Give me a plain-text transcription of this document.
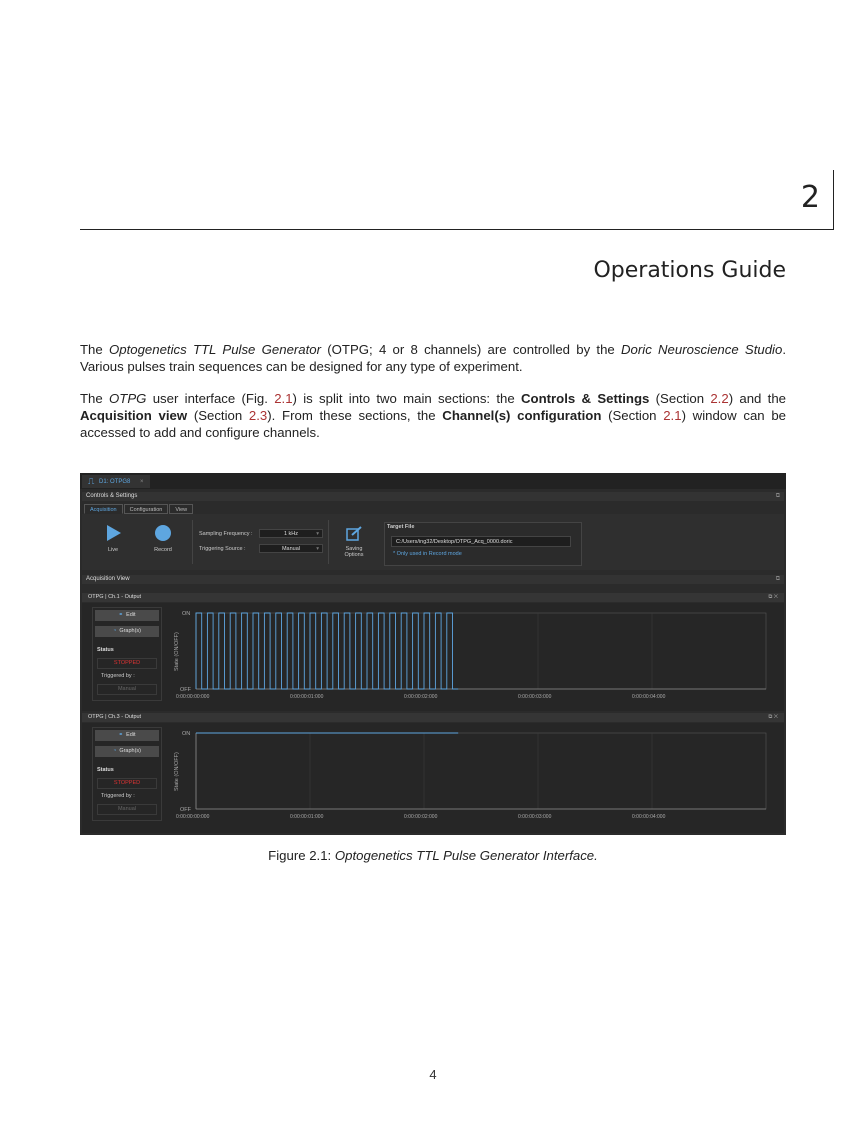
2
Operations Guide
The Optogenetics TTL Pulse Generator (OTPG; 4 or 8 channels) are controlled by the Doric Neuroscience Studio. Various pulses train sequences can be designed for any type of experiment.
The OTPG user interface (Fig. 2.1) is split into two main sections: the Controls & Settings (Section 2.2) and the Acquisition view (Section 2.3). From these sections, the Channel(s) configuration (Section 2.1) window can be accessed to add and configure channels.
⎍ D1: OTPG8 ×
Controls & Settings	⧉
Acquisition Configuration View
Live	Record
Sampling Frequency :	1 kHz	▾
Triggering Source :	Manual	▾	Saving
Options
Target File
C:/Users/ing32/Desktop/OTPG_Acq_0000.doric
* Only used in Record mode
Acquisition View	⧉
OTPG | Ch.1 - Output	⧉ ✕
⚭ Edit
◔ Graph(s)
Status
STOPPED
Triggered by :
Manual
ON
OFF
State (ON/OFF)
0:00:00:00:000	0:00:00:01:000	0:00:00:02:000	0:00:00:03:000	0:00:00:04:000
OTPG | Ch.3 - Output	⧉ ✕
⚭ Edit
◔ Graph(s)
Status
STOPPED
Triggered by :
Manual
ON
OFF
State (ON/OFF)
0:00:00:00:000	0:00:00:01:000	0:00:00:02:000	0:00:00:03:000	0:00:00:04:000
Figure 2.1: Optogenetics TTL Pulse Generator Interface.
4
